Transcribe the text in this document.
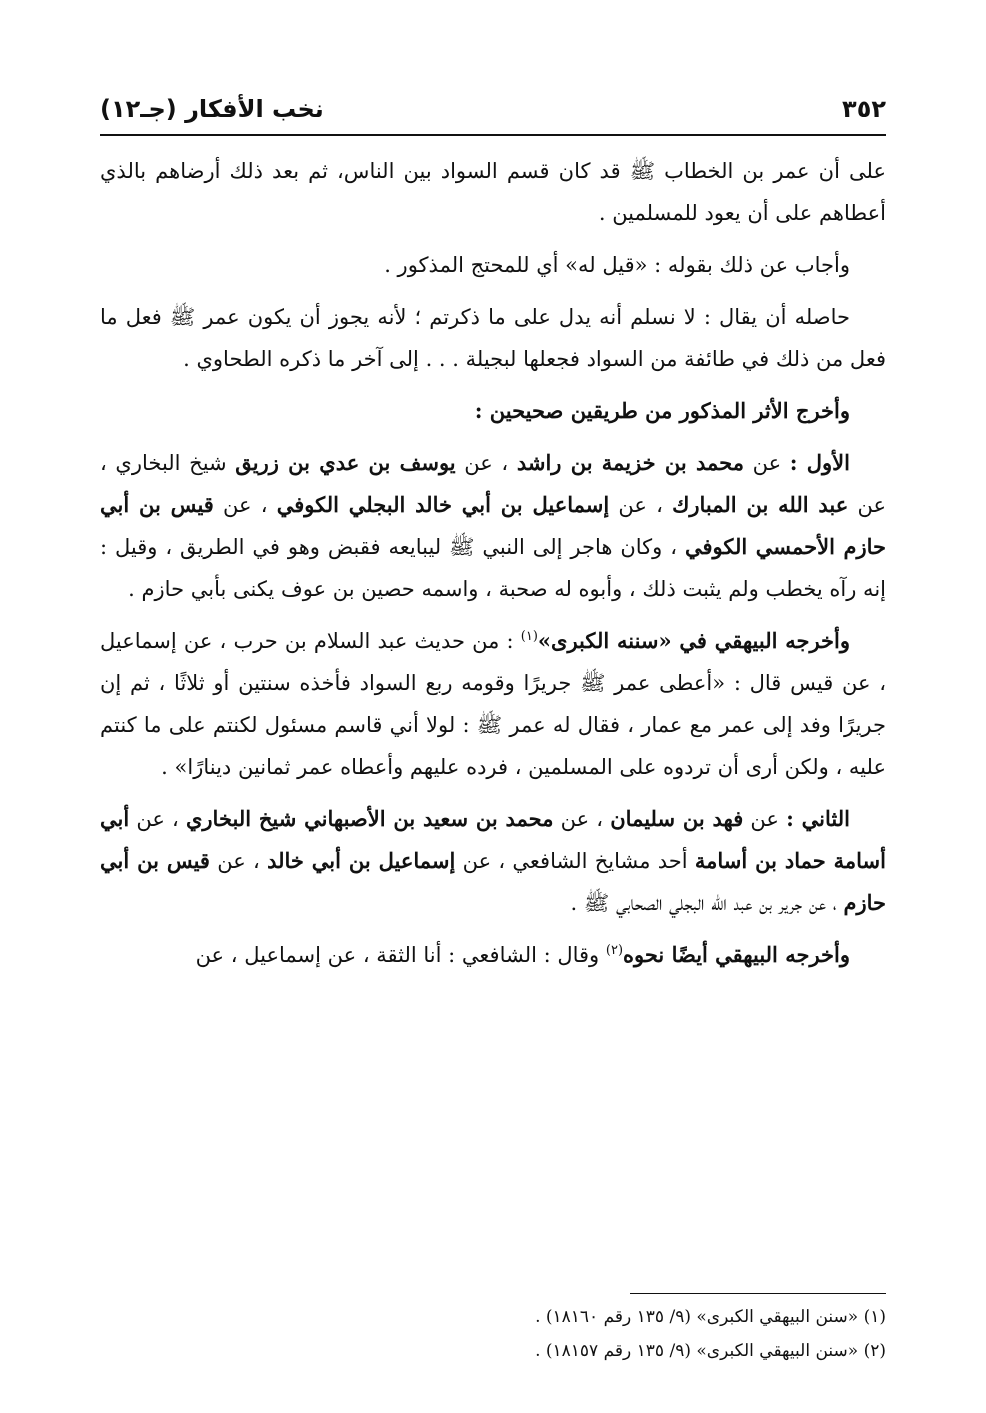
٣٥٢
نخب الأفكار (جـ١٢)

على أن عمر بن الخطاب ﷺ قد كان قسم السواد بين الناس، ثم بعد ذلك أرضاهم بالذي أعطاهم على أن يعود للمسلمين .

وأجاب عن ذلك بقوله : «قيل له» أي للمحتج المذكور .

حاصله أن يقال : لا نسلم أنه يدل على ما ذكرتم ؛ لأنه يجوز أن يكون عمر ﷺ فعل ما فعل من ذلك في طائفة من السواد فجعلها لبجيلة . . . إلى آخر ما ذكره الطحاوي .

وأخرج الأثر المذكور من طريقين صحيحين :

الأول : عن محمد بن خزيمة بن راشد ، عن يوسف بن عدي بن زريق شيخ البخاري ، عن عبد الله بن المبارك ، عن إسماعيل بن أبي خالد البجلي الكوفي ، عن قيس بن أبي حازم الأحمسي الكوفي ، وكان هاجر إلى النبي ﷺ ليبايعه فقبض وهو في الطريق ، وقيل : إنه رآه يخطب ولم يثبت ذلك ، وأبوه له صحبة ، واسمه حصين بن عوف يكنى بأبي حازم .

وأخرجه البيهقي في «سننه الكبرى»$^{(١)}$ : من حديث عبد السلام بن حرب ، عن إسماعيل ، عن قيس قال : «أعطى عمر ﷺ جريرًا وقومه ربع السواد فأخذه سنتين أو ثلاثًا ، ثم إن جريرًا وفد إلى عمر مع عمار ، فقال له عمر ﷺ : لولا أني قاسم مسئول لكنتم على ما كنتم عليه ، ولكن أرى أن تردوه على المسلمين ، فرده عليهم وأعطاه عمر ثمانين دينارًا» .

الثاني : عن فهد بن سليمان ، عن محمد بن سعيد بن الأصبهاني شيخ البخاري ، عن أبي أسامة حماد بن أسامة أحد مشايخ الشافعي ، عن إسماعيل بن أبي خالد ، عن قيس بن أبي حازم ، عن جرير بن عبد الله البجلي الصحابي ﷺ .

وأخرجه البيهقي أيضًا نحوه$^{(٢)}$ وقال : الشافعي : أنا الثقة ، عن إسماعيل ، عن

(١) «سنن البيهقي الكبرى» (٩/ ١٣٥ رقم ١٨١٦٠) .
(٢) «سنن البيهقي الكبرى» (٩/ ١٣٥ رقم ١٨١٥٧) .
